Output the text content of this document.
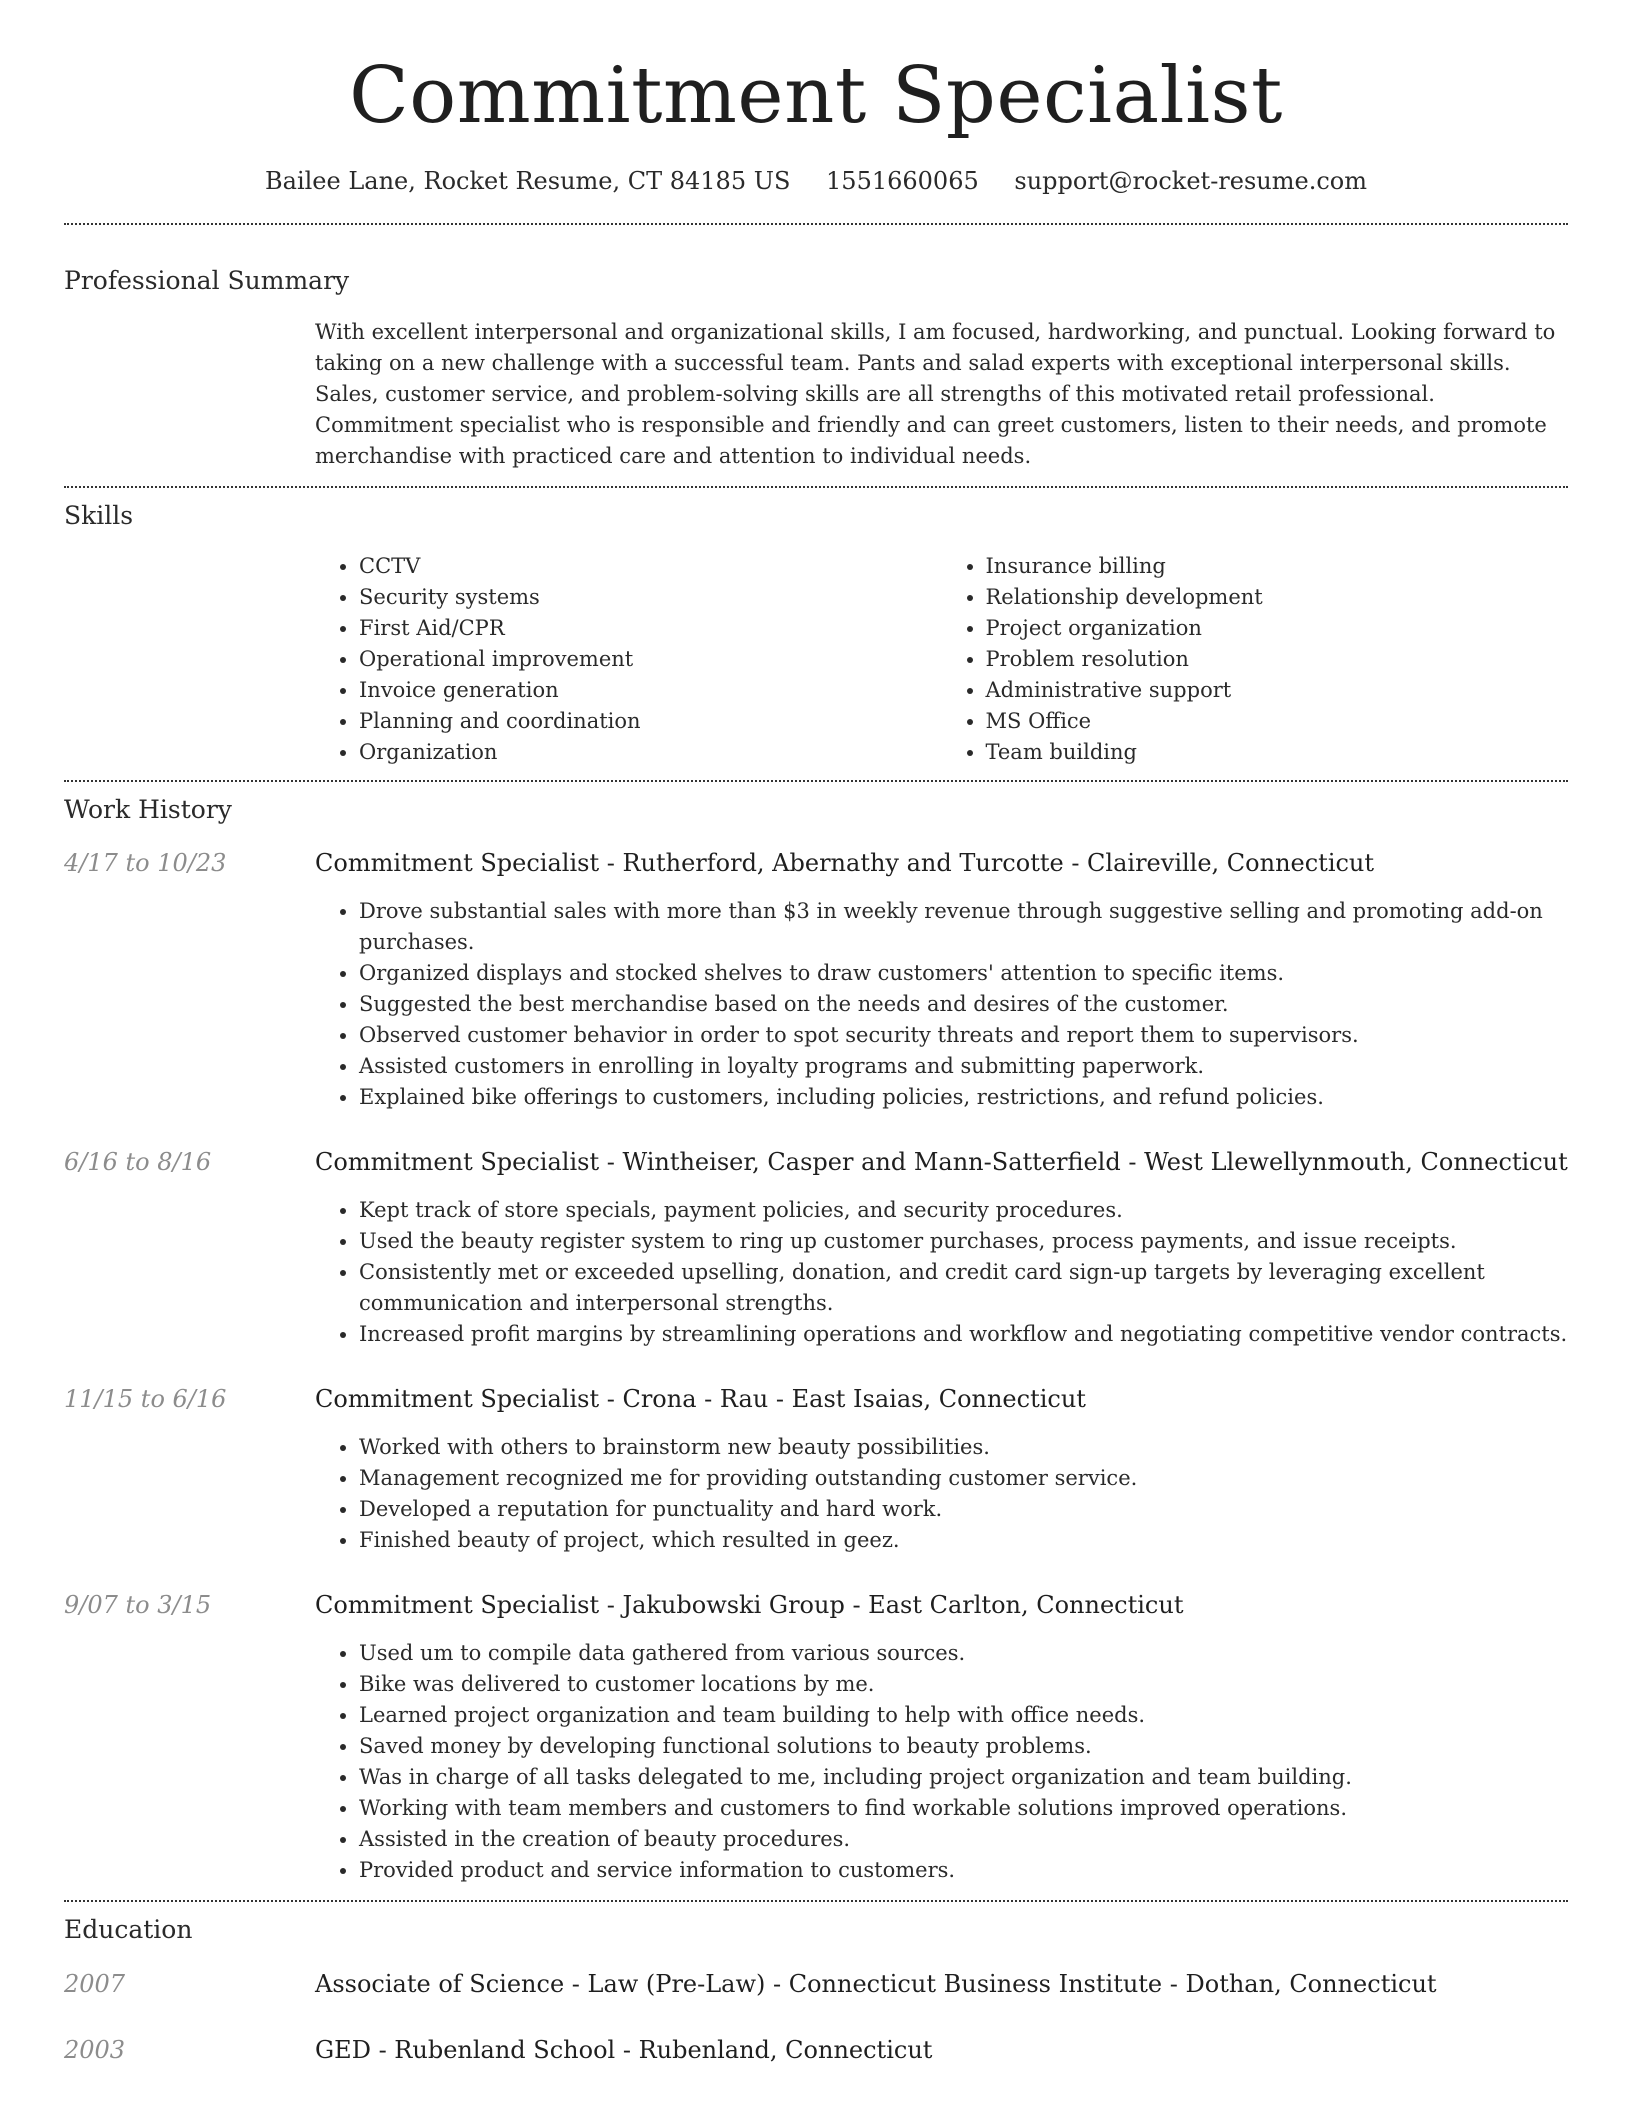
Commitment Specialist
Bailee Lane, Rocket Resume, CT 84185 US 1551660065 support@rocket-resume.com
Professional Summary
With excellent interpersonal and organizational skills, I am focused, hardworking, and punctual. Looking forward to taking on a new challenge with a successful team. Pants and salad experts with exceptional interpersonal skills. Sales, customer service, and problem-solving skills are all strengths of this motivated retail professional. Commitment specialist who is responsible and friendly and can greet customers, listen to their needs, and promote merchandise with practiced care and attention to individual needs.
Skills
• CCTV
• Security systems
• First Aid/CPR
• Operational improvement
• Invoice generation
• Planning and coordination
• Organization
• Insurance billing
• Relationship development
• Project organization
• Problem resolution
• Administrative support
• MS Office
• Team building
Work History
4/17 to 10/23	Commitment Specialist - Rutherford, Abernathy and Turcotte - Claireville, Connecticut
• Drove substantial sales with more than $3 in weekly revenue through suggestive selling and promoting add-on purchases.
• Organized displays and stocked shelves to draw customers' attention to specific items.
• Suggested the best merchandise based on the needs and desires of the customer.
• Observed customer behavior in order to spot security threats and report them to supervisors.
• Assisted customers in enrolling in loyalty programs and submitting paperwork.
• Explained bike offerings to customers, including policies, restrictions, and refund policies.
6/16 to 8/16	Commitment Specialist - Wintheiser, Casper and Mann-Satterfield - West Llewellynmouth, Connecticut
• Kept track of store specials, payment policies, and security procedures.
• Used the beauty register system to ring up customer purchases, process payments, and issue receipts.
• Consistently met or exceeded upselling, donation, and credit card sign-up targets by leveraging excellent communication and interpersonal strengths.
• Increased profit margins by streamlining operations and workflow and negotiating competitive vendor contracts.
11/15 to 6/16	Commitment Specialist - Crona - Rau - East Isaias, Connecticut
• Worked with others to brainstorm new beauty possibilities.
• Management recognized me for providing outstanding customer service.
• Developed a reputation for punctuality and hard work.
• Finished beauty of project, which resulted in geez.
9/07 to 3/15	Commitment Specialist - Jakubowski Group - East Carlton, Connecticut
• Used um to compile data gathered from various sources.
• Bike was delivered to customer locations by me.
• Learned project organization and team building to help with office needs.
• Saved money by developing functional solutions to beauty problems.
• Was in charge of all tasks delegated to me, including project organization and team building.
• Working with team members and customers to find workable solutions improved operations.
• Assisted in the creation of beauty procedures.
• Provided product and service information to customers.
Education
2007	Associate of Science - Law (Pre-Law) - Connecticut Business Institute - Dothan, Connecticut
2003	GED - Rubenland School - Rubenland, Connecticut
